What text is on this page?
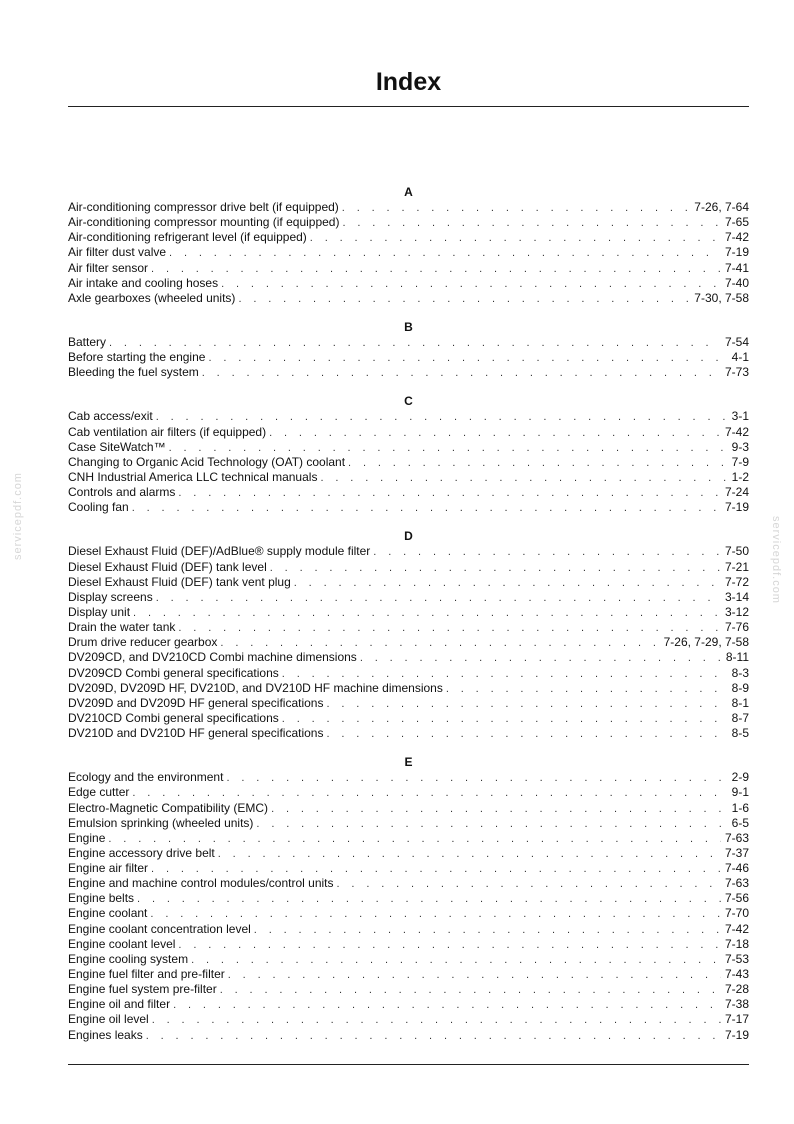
Index
A
Air-conditioning compressor drive belt (if equipped) . . .	7-26, 7-64
Air-conditioning compressor mounting (if equipped) . . .	7-65
Air-conditioning refrigerant level (if equipped) . . .	7-42
Air filter dust valve . . .	7-19
Air filter sensor . . .	7-41
Air intake and cooling hoses . . .	7-40
Axle gearboxes (wheeled units) . . .	7-30, 7-58
B
Battery . . .	7-54
Before starting the engine . . .	4-1
Bleeding the fuel system . . .	7-73
C
Cab access/exit . . .	3-1
Cab ventilation air filters (if equipped) . . .	7-42
Case SiteWatch™ . . .	9-3
Changing to Organic Acid Technology (OAT) coolant . . .	7-9
CNH Industrial America LLC technical manuals . . .	1-2
Controls and alarms . . .	7-24
Cooling fan . . .	7-19
D
Diesel Exhaust Fluid (DEF)/AdBlue® supply module filter . . .	7-50
Diesel Exhaust Fluid (DEF) tank level . . .	7-21
Diesel Exhaust Fluid (DEF) tank vent plug . . .	7-72
Display screens . . .	3-14
Display unit . . .	3-12
Drain the water tank . . .	7-76
Drum drive reducer gearbox . . .	7-26, 7-29, 7-58
DV209CD, and DV210CD Combi machine dimensions . . .	8-11
DV209CD Combi general specifications . . .	8-3
DV209D, DV209D HF, DV210D, and DV210D HF machine dimensions . . .	8-9
DV209D and DV209D HF general specifications . . .	8-1
DV210CD Combi general specifications . . .	8-7
DV210D and DV210D HF general specifications . . .	8-5
E
Ecology and the environment . . .	2-9
Edge cutter . . .	9-1
Electro-Magnetic Compatibility (EMC) . . .	1-6
Emulsion sprinking (wheeled units) . . .	6-5
Engine . . .	7-63
Engine accessory drive belt . . .	7-37
Engine air filter . . .	7-46
Engine and machine control modules/control units . . .	7-63
Engine belts . . .	7-56
Engine coolant . . .	7-70
Engine coolant concentration level . . .	7-42
Engine coolant level . . .	7-18
Engine cooling system . . .	7-53
Engine fuel filter and pre-filter . . .	7-43
Engine fuel system pre-filter . . .	7-28
Engine oil and filter . . .	7-38
Engine oil level . . .	7-17
Engines leaks . . .	7-19
servicepdf.com	servicepdf.com
